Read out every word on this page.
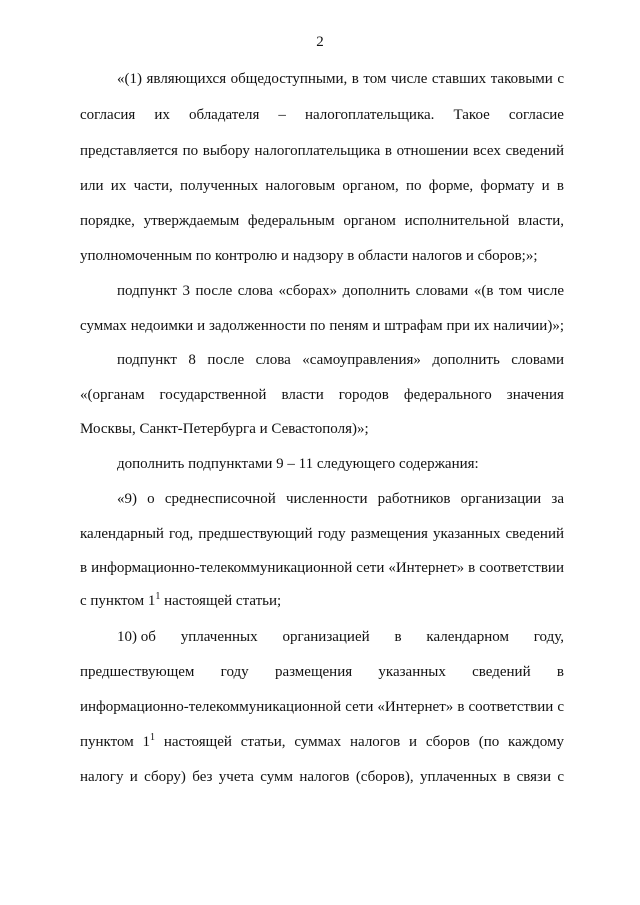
2
«(1) являющихся общедоступными, в том числе ставших таковыми с
согласия их обладателя – налогоплательщика. Такое согласие
представляется по выбору налогоплательщика в отношении всех сведений
или их части, полученных налоговым органом, по форме, формату и в
порядке, утверждаемым федеральным органом исполнительной власти,
уполномоченным по контролю и надзору в области налогов и сборов;»;
подпункт 3 после слова «сборах» дополнить словами «(в том числе
суммах недоимки и задолженности по пеням и штрафам при их наличии)»;
подпункт 8 после слова «самоуправления» дополнить словами
«(органам государственной власти городов федерального значения
Москвы, Санкт-Петербурга и Севастополя)»;
дополнить подпунктами 9 – 11 следующего содержания:
«9) о среднесписочной численности работников организации за
календарный год, предшествующий году размещения указанных сведений
в информационно-телекоммуникационной сети «Интернет» в соответствии
с пунктом $1^1$ настоящей статьи;
10) об уплаченных организацией в календарном году,
предшествующем году размещения указанных сведений в
информационно-телекоммуникационной сети «Интернет» в соответствии с
пунктом $1^1$ настоящей статьи, суммах налогов и сборов (по каждому
налогу и сбору) без учета сумм налогов (сборов), уплаченных в связи с
